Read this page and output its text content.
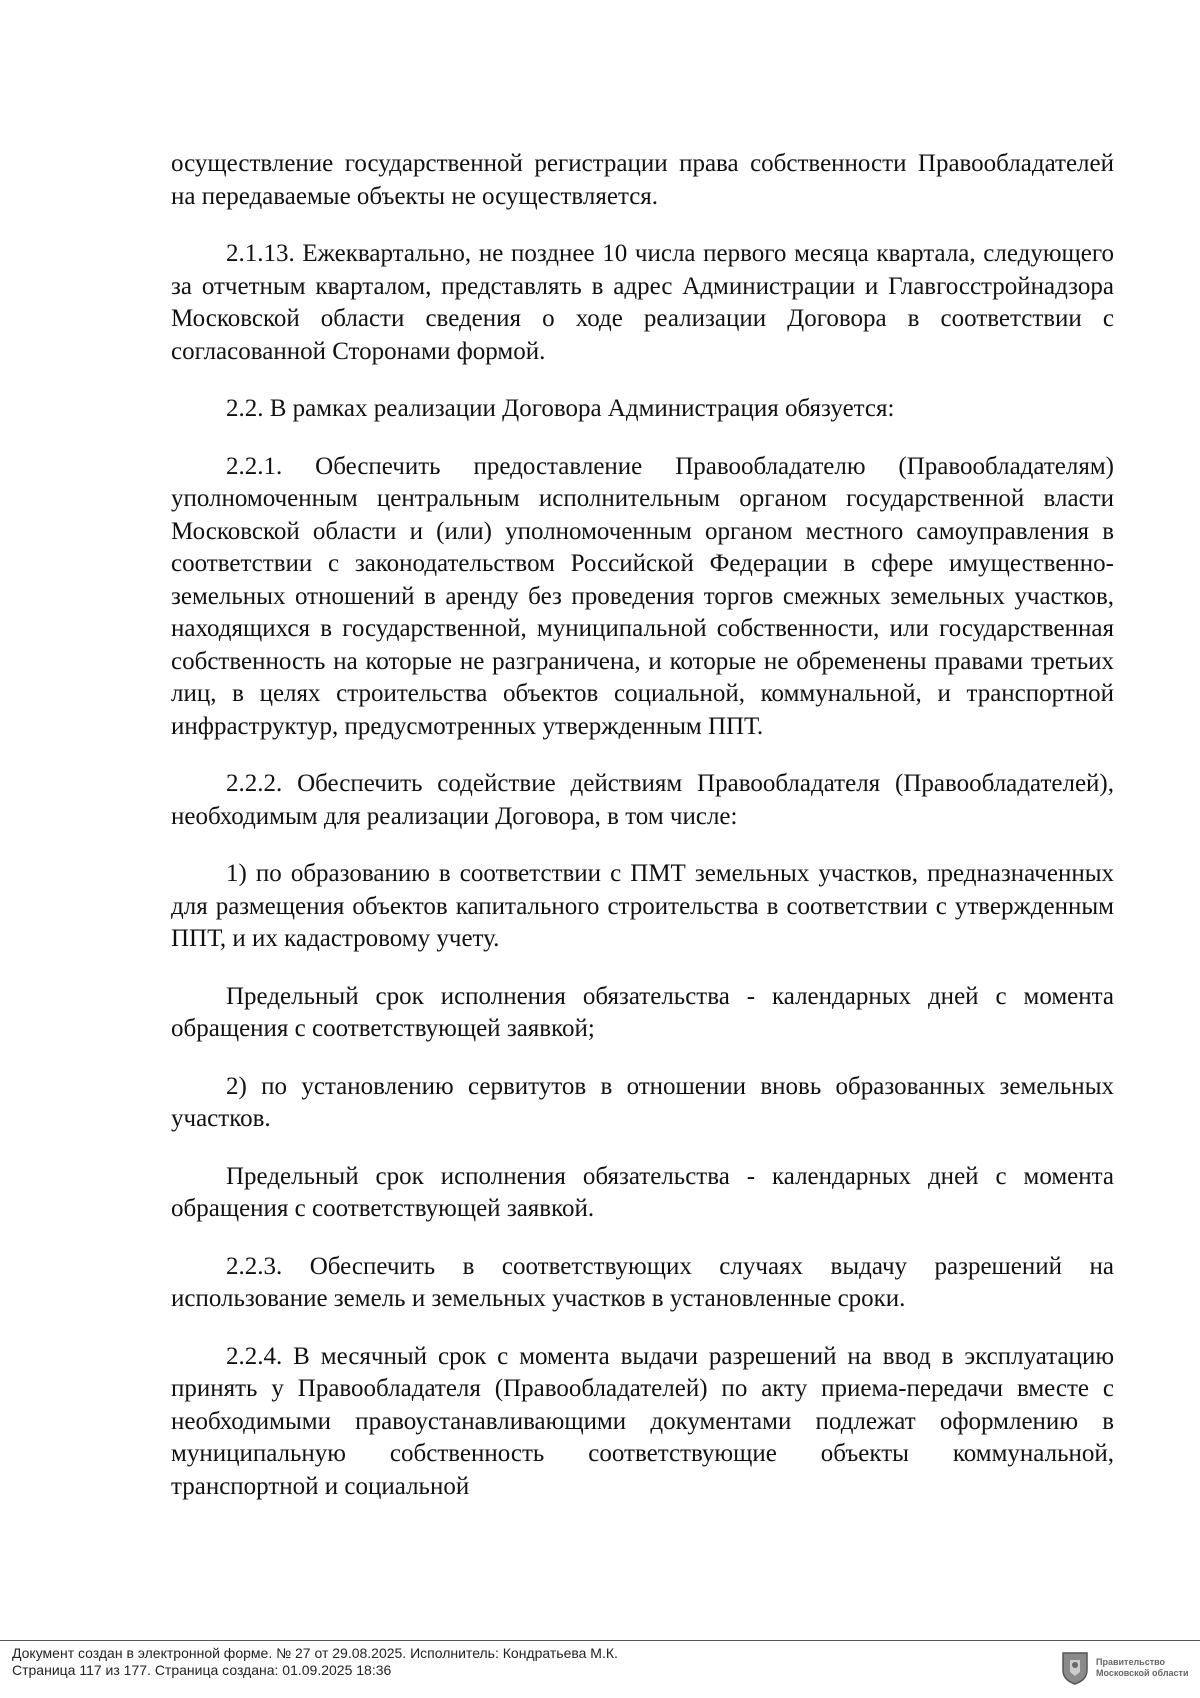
осуществление государственной регистрации права собственности Правообладателей на передаваемые объекты не осуществляется.

2.1.13. Ежеквартально, не позднее 10 числа первого месяца квартала, следующего за отчетным кварталом, представлять в адрес Администрации и Главгосстройнадзора Московской области сведения о ходе реализации Договора в соответствии с согласованной Сторонами формой.

2.2. В рамках реализации Договора Администрация обязуется:

2.2.1. Обеспечить предоставление Правообладателю (Правообладателям) уполномоченным центральным исполнительным органом государственной власти Московской области и (или) уполномоченным органом местного самоуправления в соответствии с законодательством Российской Федерации в сфере имущественно-земельных отношений в аренду без проведения торгов смежных земельных участков, находящихся в государственной, муниципальной собственности, или государственная собственность на которые не разграничена, и которые не обременены правами третьих лиц, в целях строительства объектов социальной, коммунальной, и транспортной инфраструктур, предусмотренных утвержденным ППТ.

2.2.2. Обеспечить содействие действиям Правообладателя (Правообладателей), необходимым для реализации Договора, в том числе:

1) по образованию в соответствии с ПМТ земельных участков, предназначенных для размещения объектов капитального строительства в соответствии с утвержденным ППТ, и их кадастровому учету.

Предельный срок исполнения обязательства - календарных дней с момента обращения с соответствующей заявкой;

2) по установлению сервитутов в отношении вновь образованных земельных участков.

Предельный срок исполнения обязательства - календарных дней с момента обращения с соответствующей заявкой.

2.2.3. Обеспечить в соответствующих случаях выдачу разрешений на использование земель и земельных участков в установленные сроки.

2.2.4. В месячный срок с момента выдачи разрешений на ввод в эксплуатацию принять у Правообладателя (Правообладателей) по акту приема-передачи вместе с необходимыми правоустанавливающими документами подлежат оформлению в муниципальную собственность соответствующие объекты коммунальной, транспортной и социальной

Документ создан в электронной форме. № 27 от 29.08.2025. Исполнитель: Кондратьева М.К.
Страница 117 из 177. Страница создана: 01.09.2025 18:36	Правительство
Московской области
